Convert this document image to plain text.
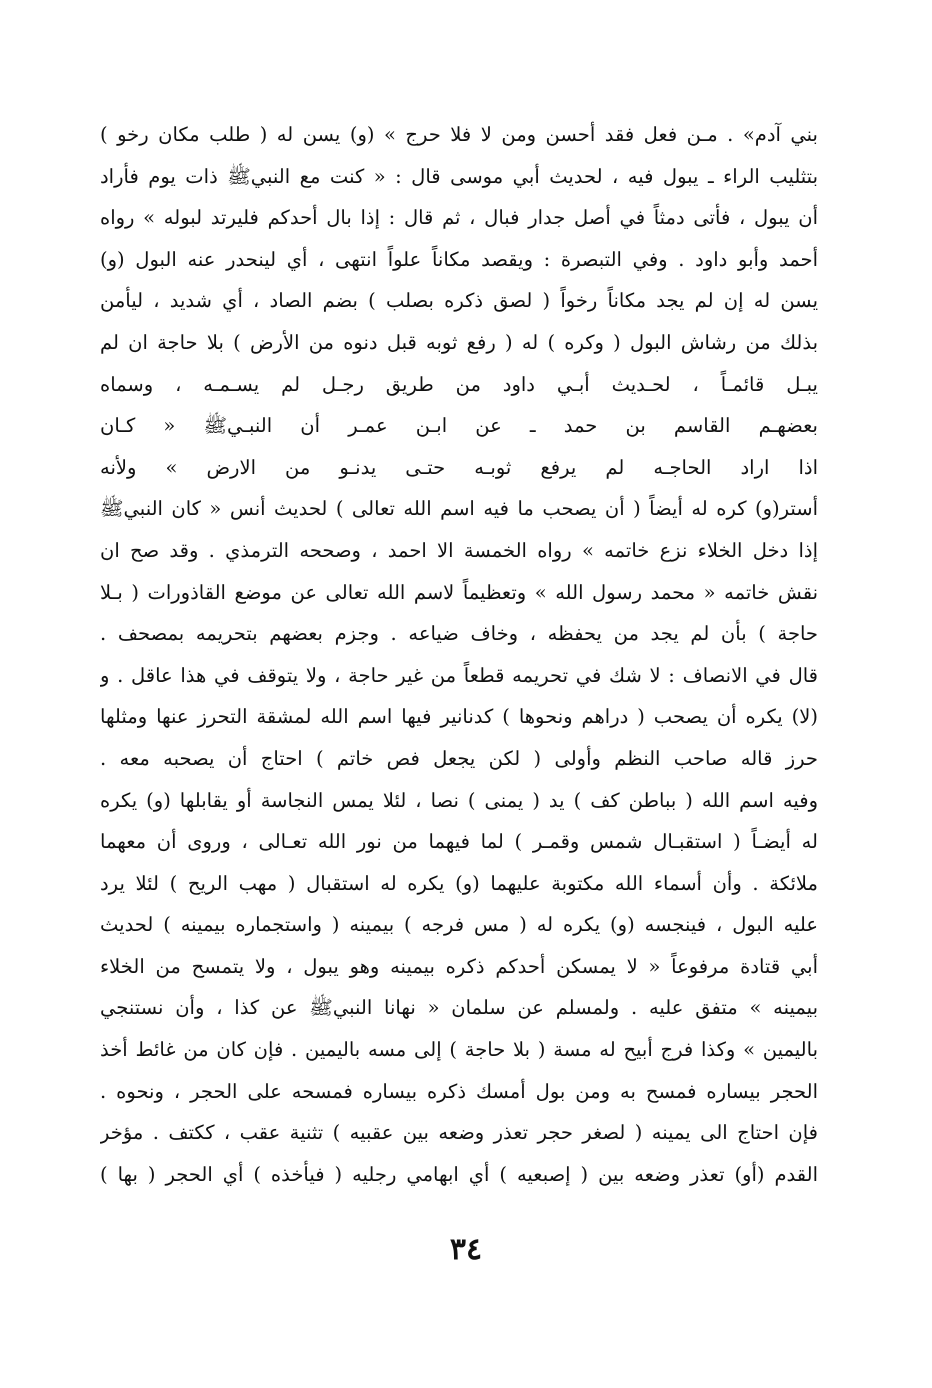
بني آدم» . مـن فعل فقد أحسن ومن لا فلا حرج » (و) يسن له ( طلب مكان رخو )
بتثليب الراء ـ يبول فيه ، لحديث أبي موسى قال : « كنت مع النبيﷺ ذات يوم فأراد
أن يبول ، فأتى دمثاً في أصل جدار فبال ، ثم قال : إذا بال أحدكم فليرتد لبوله » رواه
أحمد وأبو داود . وفي التبصرة : ويقصد مكاناً علواً انتهى ، أي لينحدر عنه البول (و)
يسن له إن لم يجد مكاناً رخواً ( لصق ذكره بصلب ) بضم الصاد ، أي شديد ، ليأمن
بذلك من رشاش البول ( وكره ) له ( رفع ثوبه قبل دنوه من الأرض ) بلا حاجة ان لم
يبـل قائمـاً ، لحـديث أبـي داود من طريق رجـل لم يسـمـه ، وسماه
بعضهـم القاسم بن حمد ـ عن ابـن عمـر أن النبـيﷺ « كـان
اذا اراد الحاجـه لم يرفع ثوبـه حتـى يدنـو من الارض » ولأنه
أستر(و) كره له أيضاً ( أن يصحب ما فيه اسم الله تعالى ) لحديث أنس « كان النبيﷺ
إذا دخل الخلاء نزع خاتمه » رواه الخمسة الا احمد ، وصححه الترمذي . وقد صح ان
نقش خاتمه « محمد رسول الله » وتعظيماً لاسم الله تعالى عن موضع القاذورات ( بـلا
حاجة ) بأن لم يجد من يحفظه ، وخاف ضياعه . وجزم بعضهم بتحريمه بمصحف .
قال في الانصاف : لا شك في تحريمه قطعاً من غير حاجة ، ولا يتوقف في هذا عاقل . و
(لا) يكره أن يصحب ( دراهم ونحوها ) كدنانير فيها اسم الله لمشقة التحرز عنها ومثلها
حرز قاله صاحب النظم وأولى ( لكن يجعل فص خاتم ) احتاج أن يصحبه معه .
وفيه اسم الله ( بباطن كف ) يد ( يمنى ) نصا ، لئلا يمس النجاسة أو يقابلها (و) يكره
له أيضـاً ( استقبـال شمس وقمـر ) لما فيهما من نور الله تعـالى ، وروى أن معهما
ملائكة . وأن أسماء الله مكتوبة عليهما (و) يكره له استقبال ( مهب الريح ) لئلا يرد
عليه البول ، فينجسه (و) يكره له ( مس فرجه ) بيمينه ( واستجماره بيمينه ) لحديث
أبي قتادة مرفوعاً « لا يمسكن أحدكم ذكره بيمينه وهو يبول ، ولا يتمسح من الخلاء
بيمينه » متفق عليه . ولمسلم عن سلمان « نهانا النبيﷺ عن كذا ، وأن نستنجي
باليمين » وكذا فرج أبيح له مسة ( بلا حاجة ) إلى مسه باليمين . فإن كان من غائط أخذ
الحجر بيساره فمسح به ومن بول أمسك ذكره بيساره فمسحه على الحجر ، ونحوه .
فإن احتاج الى يمينه ( لصغر حجر تعذر وضعه بين عقبيه ) تثنية عقب ، ككتف . مؤخر
القدم (أو) تعذر وضعه بين ( إصبعيه ) أي ابهامي رجليه ( فيأخذه ) أي الحجر ( بها )
٣٤
